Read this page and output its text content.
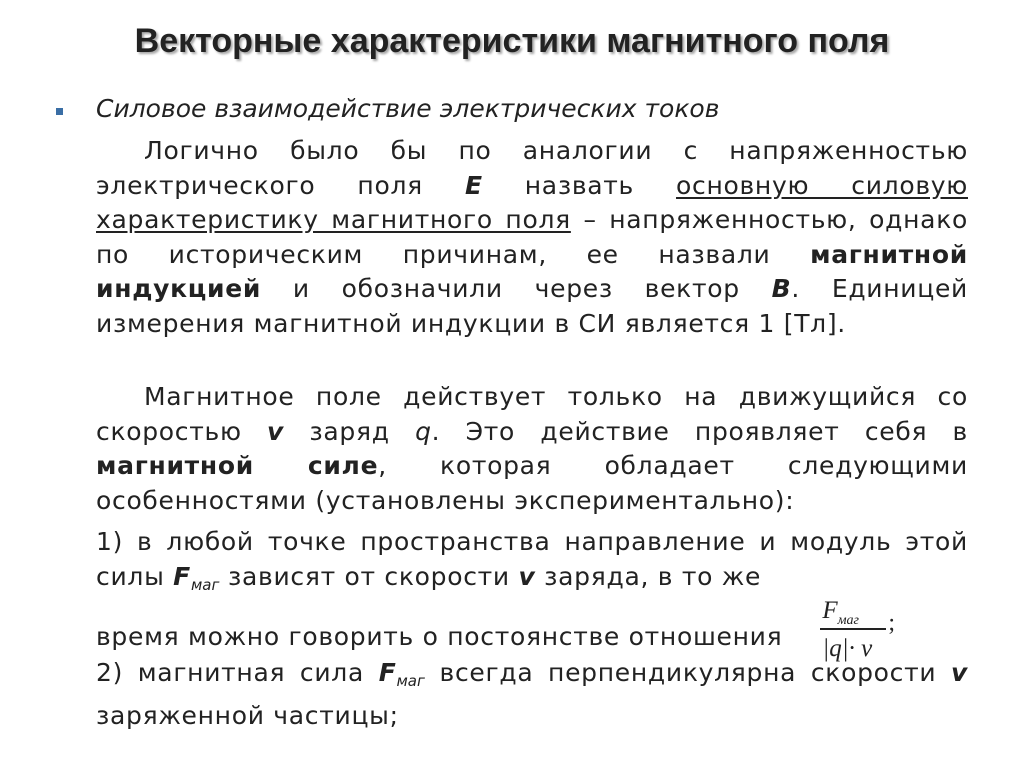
Векторные характеристики магнитного поля
Силовое взаимодействие электрических токов

Логично было бы по аналогии с напряженностью электрического поля E назвать основную силовую характеристику магнитного поля – напряженностью, однако по историческим причинам, ее назвали магнитной индукцией и обозначили через вектор B. Единицей измерения магнитной индукции в СИ является 1 [Тл].

Магнитное поле действует только на движущийся со скоростью v заряд q. Это действие проявляет себя в магнитной силе, которая обладает следующими особенностями (установлены экспериментально):

1) в любой точке пространства направление и модуль этой силы $F_{маг}$ зависят от скорости v заряда, в то же

время можно говорить о постоянстве отношения
$F_{маг}$
|q|· v
;

2) магнитная сила $F_{маг}$ всегда перпендикулярна скорости v заряженной частицы;
